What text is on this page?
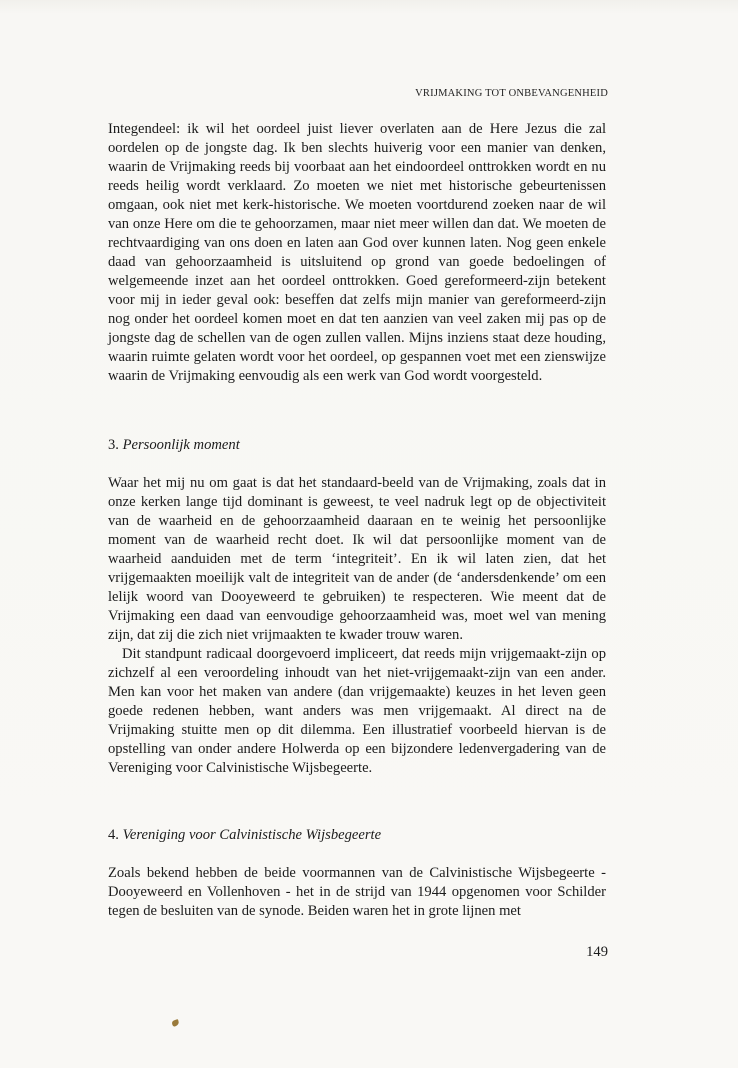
VRIJMAKING TOT ONBEVANGENHEID

Integendeel: ik wil het oordeel juist liever overlaten aan de Here Jezus die zal oordelen op de jongste dag. Ik ben slechts huiverig voor een manier van denken, waarin de Vrijmaking reeds bij voorbaat aan het eindoordeel onttrokken wordt en nu reeds heilig wordt verklaard. Zo moeten we niet met historische gebeurtenissen omgaan, ook niet met kerk-historische. We moeten voortdurend zoeken naar de wil van onze Here om die te gehoorzamen, maar niet meer willen dan dat. We moeten de rechtvaardiging van ons doen en laten aan God over kunnen laten. Nog geen enkele daad van gehoorzaamheid is uitsluitend op grond van goede bedoelingen of welgemeende inzet aan het oordeel onttrokken. Goed gereformeerd-zijn betekent voor mij in ieder geval ook: beseffen dat zelfs mijn manier van gereformeerd-zijn nog onder het oordeel komen moet en dat ten aanzien van veel zaken mij pas op de jongste dag de schellen van de ogen zullen vallen. Mijns inziens staat deze houding, waarin ruimte gelaten wordt voor het oordeel, op gespannen voet met een zienswijze waarin de Vrijmaking eenvoudig als een werk van God wordt voorgesteld.

3. Persoonlijk moment

Waar het mij nu om gaat is dat het standaard-beeld van de Vrijmaking, zoals dat in onze kerken lange tijd dominant is geweest, te veel nadruk legt op de objectiviteit van de waarheid en de gehoorzaamheid daaraan en te weinig het persoonlijke moment van de waarheid recht doet. Ik wil dat persoonlijke moment van de waarheid aanduiden met de term ‘integriteit’. En ik wil laten zien, dat het vrijgemaakten moeilijk valt de integriteit van de ander (de ‘andersdenkende’ om een lelijk woord van Dooyeweerd te gebruiken) te respecteren. Wie meent dat de Vrijmaking een daad van eenvoudige gehoorzaamheid was, moet wel van mening zijn, dat zij die zich niet vrijmaakten te kwader trouw waren.

Dit standpunt radicaal doorgevoerd impliceert, dat reeds mijn vrijgemaakt-zijn op zichzelf al een veroordeling inhoudt van het niet-vrijgemaakt-zijn van een ander. Men kan voor het maken van andere (dan vrijgemaakte) keuzes in het leven geen goede redenen hebben, want anders was men vrijgemaakt. Al direct na de Vrijmaking stuitte men op dit dilemma. Een illustratief voorbeeld hiervan is de opstelling van onder andere Holwerda op een bijzondere ledenvergadering van de Vereniging voor Calvinistische Wijsbegeerte.

4. Vereniging voor Calvinistische Wijsbegeerte

Zoals bekend hebben de beide voormannen van de Calvinistische Wijsbegeerte - Dooyeweerd en Vollenhoven - het in de strijd van 1944 opgenomen voor Schilder tegen de besluiten van de synode. Beiden waren het in grote lijnen met

149
